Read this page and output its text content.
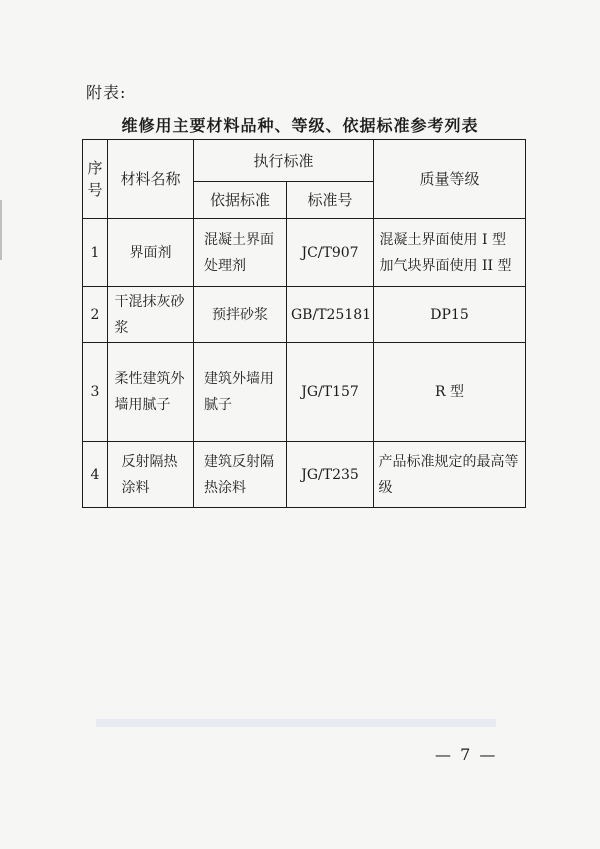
附表:
维修用主要材料品种、等级、依据标准参考列表
序号	材料名称	执行标准		质量等级
		依据标准	标准号	
1	界面剂	混凝土界面处理剂	JC/T907	混凝土界面使用 I 型加气块界面使用 II 型
2	干混抹灰砂浆	预拌砂浆	GB/T25181	DP15
3	柔性建筑外墙用腻子	建筑外墙用腻子	JG/T157	R 型
4	反射隔热涂料	建筑反射隔热涂料	JG/T235	产品标准规定的最高等级
— 7 —
